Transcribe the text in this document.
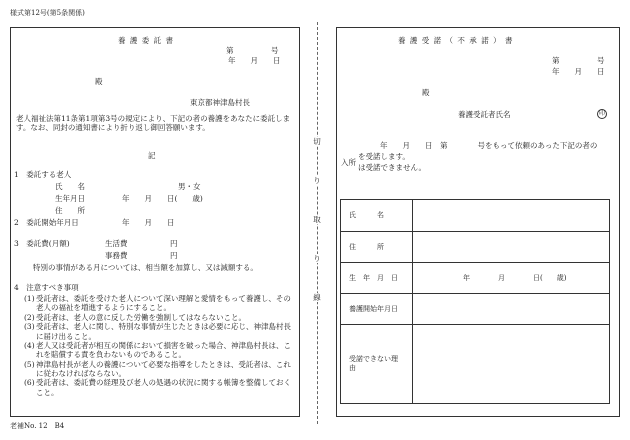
様式第12号(第5条関係)
養 護 委 託 書
第　　　　　号
年　　月　　日
殿
東京都神津島村長
老人福祉法第11条第1項第3号の規定により、下記の者の養護をあなたに委託します。なお、同封の通知書により折り返し御回答願います。
記
1　委託する老人
氏　　名	男・女
生年月日	年　　月　　日(　　歳)
住　　所
2　委託開始年月日	年　　月　　日
3　委託費(月額)	生活費	円
事務費	円
特別の事情がある月については、相当額を加算し、又は減額する。
4　注意すべき事項
(1) 受託者は、委託を受けた老人について深い理解と愛情をもって養護し、その老人の福祉を増進するようにすること。
(2) 受託者は、老人の意に反した労働を強制してはならないこと。
(3) 受託者は、老人に関し、特別な事情が生じたときは必要に応じ、神津島村長に届け出ること。
(4) 老人又は受託者が相互の関係において損害を破った場合、神津島村長は、これを賠償する責を負わないものであること。
(5) 神津島村長が老人の養護について必要な指導をしたときは、受託者は、これに従わなければならない。
(6) 受託者は、委託費の経理及び老人の処遇の状況に関する帳簿を整備しておくこと。
老補No. 12　B4
切
り
取
り
線
養 護 受 諾 （ 不 承 諾 ） 書
第　　　　　号
年　　月　　日
殿
養護受託者氏名	印
年　　月　　日　第　　　　号をもって依頼のあった下記の者の
入所
を受諾します。
は受諾できません。
氏　　　名	
住　　　所	
生　年　月　日	年　　　　月　　　　日(　　歳)
養護開始年月日	
受諾できない理　　　　由	
